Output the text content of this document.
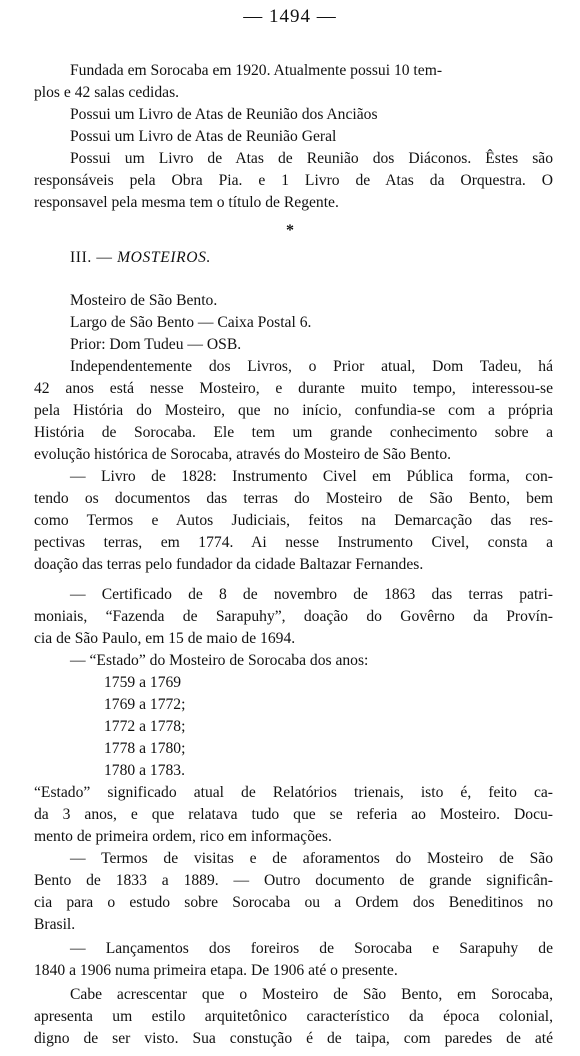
— 1494 —
Fundada em Sorocaba em 1920. Atualmente possui 10 tem-
plos e 42 salas cedidas.
Possui um Livro de Atas de Reunião dos Anciãos
Possui um Livro de Atas de Reunião Geral
Possui um Livro de Atas de Reunião dos Diáconos. Êstes são
responsáveis pela Obra Pia. e 1 Livro de Atas da Orquestra. O
responsavel pela mesma tem o título de Regente.
*
III. — MOSTEIROS.
Mosteiro de São Bento.
Largo de São Bento — Caixa Postal 6.
Prior: Dom Tudeu — OSB.
Independentemente dos Livros, o Prior atual, Dom Tadeu, há
42 anos está nesse Mosteiro, e durante muito tempo, interessou-se
pela História do Mosteiro, que no início, confundia-se com a própria
História de Sorocaba. Ele tem um grande conhecimento sobre a
evolução histórica de Sorocaba, através do Mosteiro de São Bento.
— Livro de 1828: Instrumento Civel em Pública forma, con-
tendo os documentos das terras do Mosteiro de São Bento, bem
como Termos e Autos Judiciais, feitos na Demarcação das res-
pectivas terras, em 1774. Ai nesse Instrumento Civel, consta a
doação das terras pelo fundador da cidade Baltazar Fernandes.
— Certificado de 8 de novembro de 1863 das terras patri-
moniais, “Fazenda de Sarapuhy”, doação do Govêrno da Provín-
cia de São Paulo, em 15 de maio de 1694.
— “Estado” do Mosteiro de Sorocaba dos anos:
1759 a 1769
1769 a 1772;
1772 a 1778;
1778 a 1780;
1780 a 1783.
“Estado” significado atual de Relatórios trienais, isto é, feito ca-
da 3 anos, e que relatava tudo que se referia ao Mosteiro. Docu-
mento de primeira ordem, rico em informações.
— Termos de visitas e de aforamentos do Mosteiro de São
Bento de 1833 a 1889. — Outro documento de grande significân-
cia para o estudo sobre Sorocaba ou a Ordem dos Beneditinos no
Brasil.
— Lançamentos dos foreiros de Sorocaba e Sarapuhy de
1840 a 1906 numa primeira etapa. De 1906 até o presente.
Cabe acrescentar que o Mosteiro de São Bento, em Sorocaba,
apresenta um estilo arquitetônico característico da época colonial,
digno de ser visto. Sua constução é de taipa, com paredes de até
